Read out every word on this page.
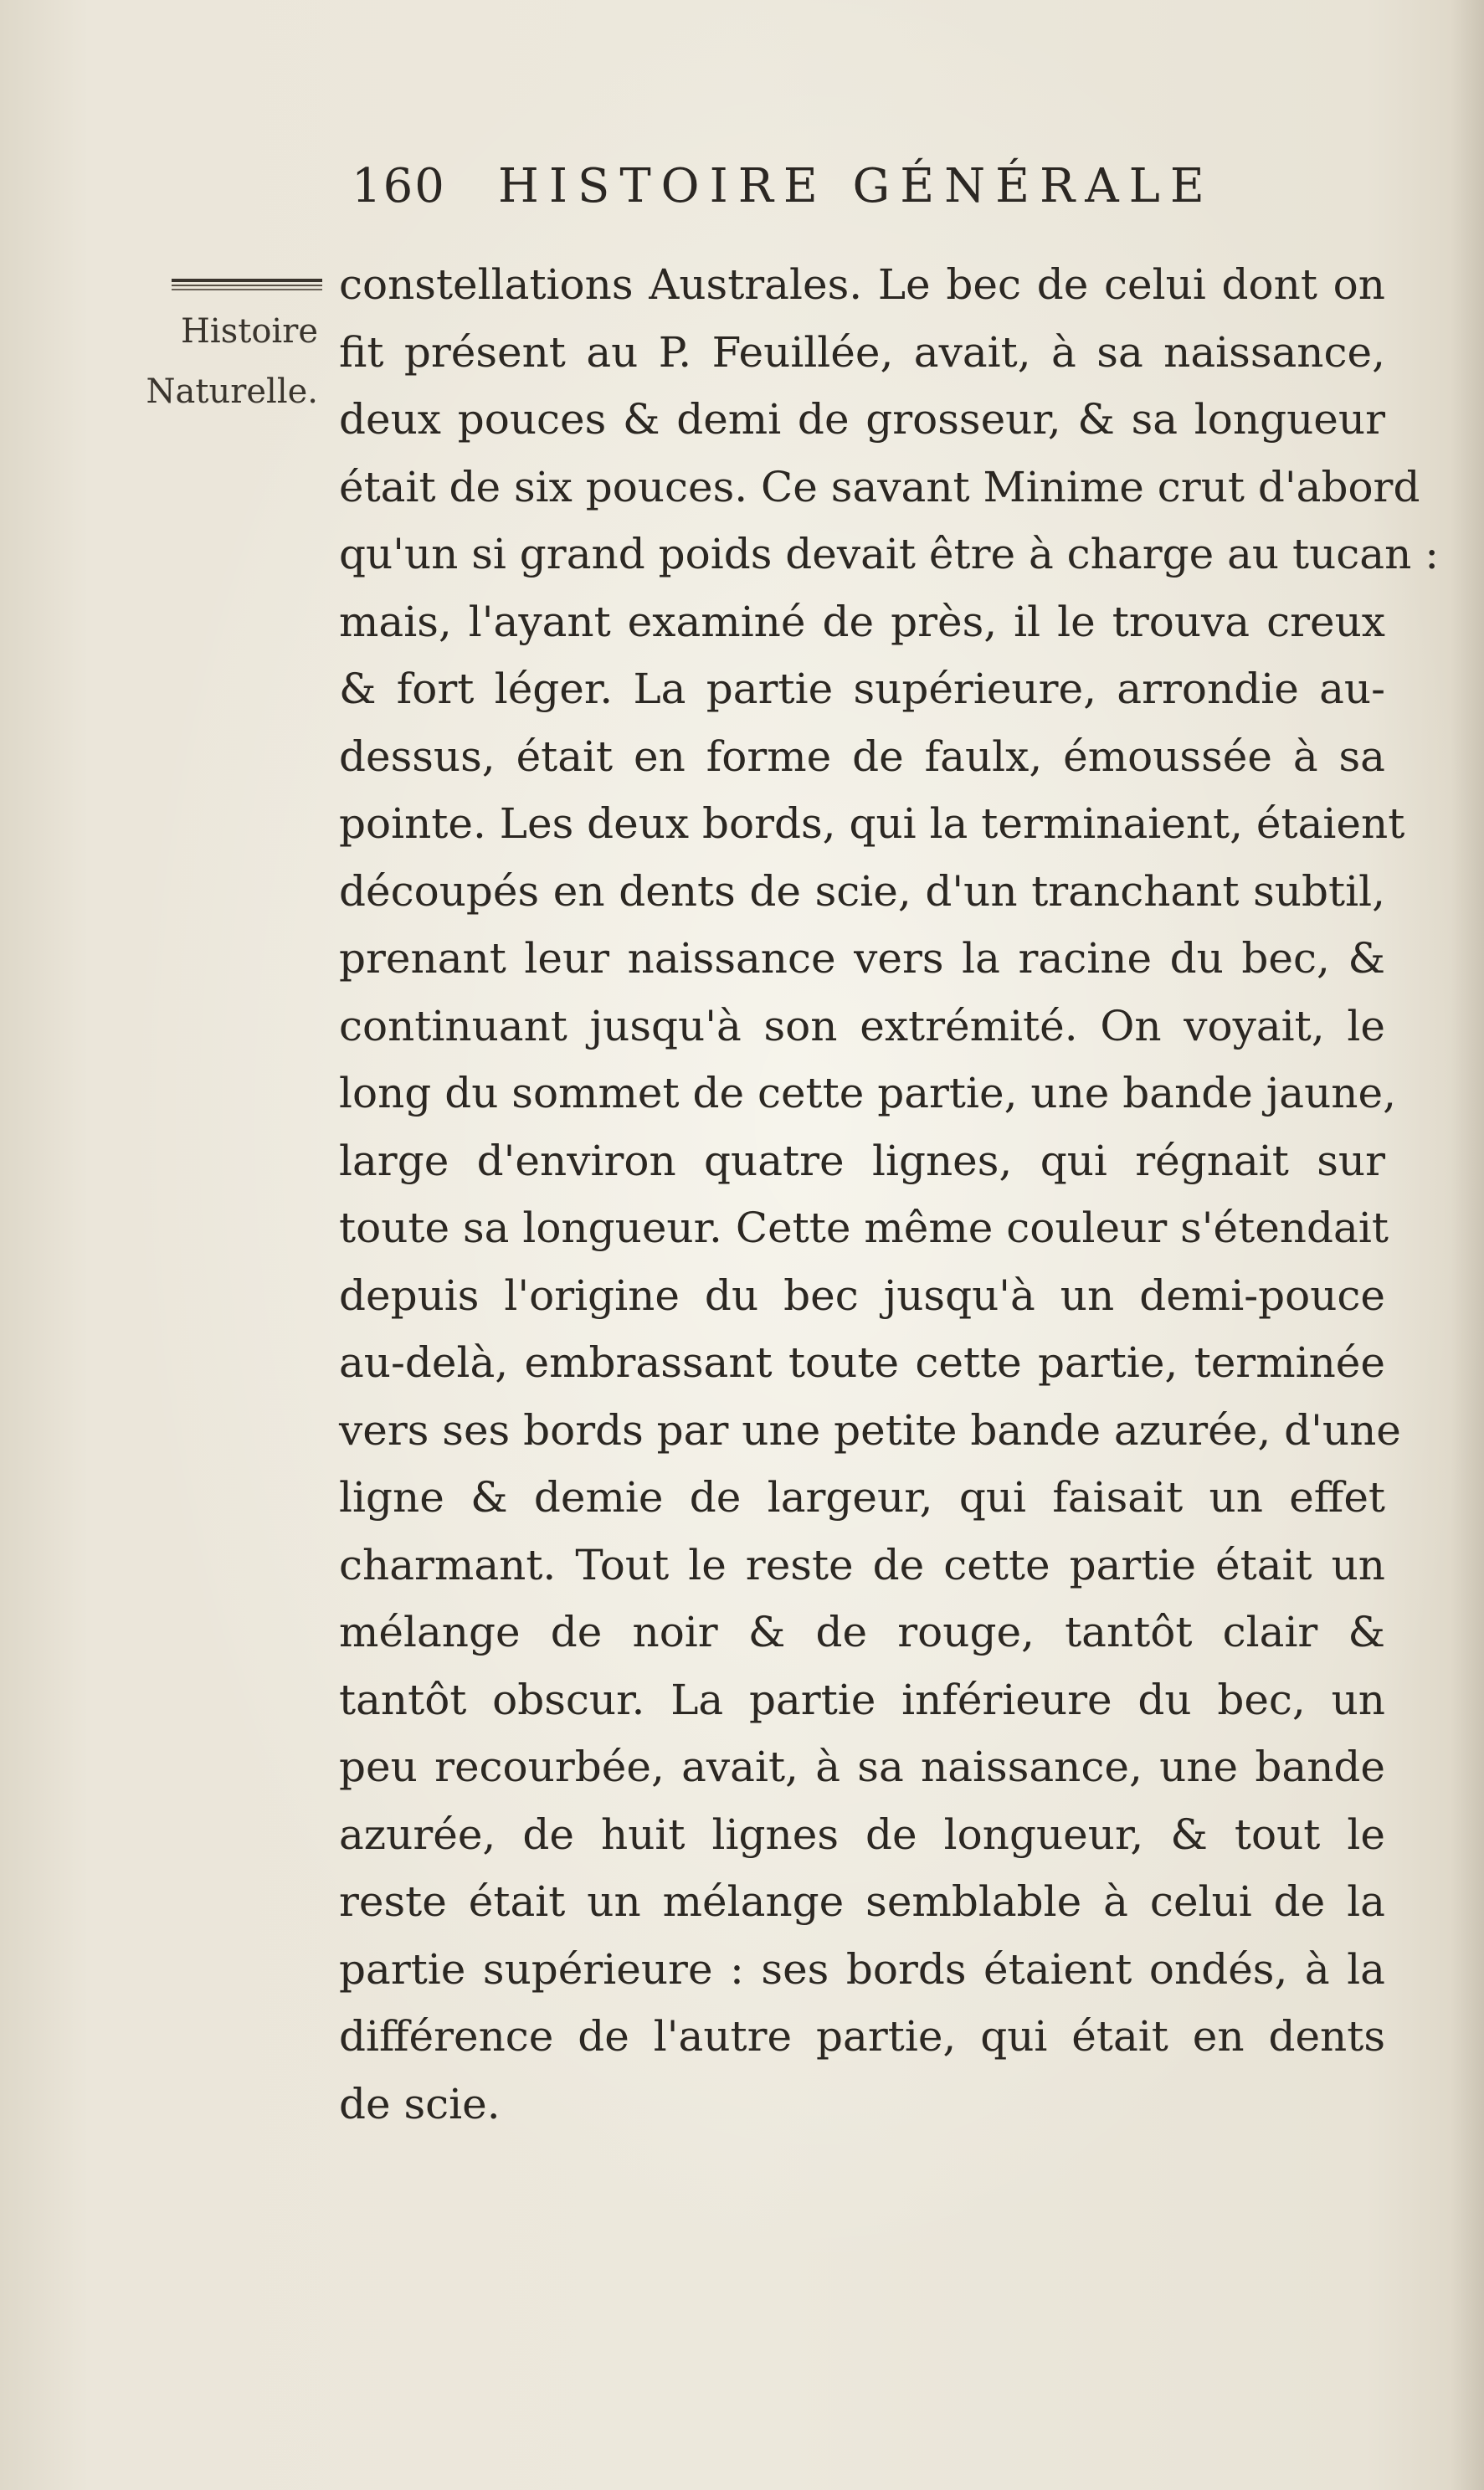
160 HISTOIRE GÉNÉRALE
Histoire
Naturelle.
constellations Australes. Le bec de celui dont on
fit présent au P. Feuillée, avait, à sa naissance,
deux pouces & demi de grosseur, & sa longueur
était de six pouces. Ce savant Minime crut d'abord
qu'un si grand poids devait être à charge au tucan :
mais, l'ayant examiné de près, il le trouva creux
& fort léger. La partie supérieure, arrondie au-
dessus, était en forme de faulx, émoussée à sa
pointe. Les deux bords, qui la terminaient, étaient
découpés en dents de scie, d'un tranchant subtil,
prenant leur naissance vers la racine du bec, &
continuant jusqu'à son extrémité. On voyait, le
long du sommet de cette partie, une bande jaune,
large d'environ quatre lignes, qui régnait sur
toute sa longueur. Cette même couleur s'étendait
depuis l'origine du bec jusqu'à un demi-pouce
au-delà, embrassant toute cette partie, terminée
vers ses bords par une petite bande azurée, d'une
ligne & demie de largeur, qui faisait un effet
charmant. Tout le reste de cette partie était un
mélange de noir & de rouge, tantôt clair &
tantôt obscur. La partie inférieure du bec, un
peu recourbée, avait, à sa naissance, une bande
azurée, de huit lignes de longueur, & tout le
reste était un mélange semblable à celui de la
partie supérieure : ses bords étaient ondés, à la
différence de l'autre partie, qui était en dents
de scie.
